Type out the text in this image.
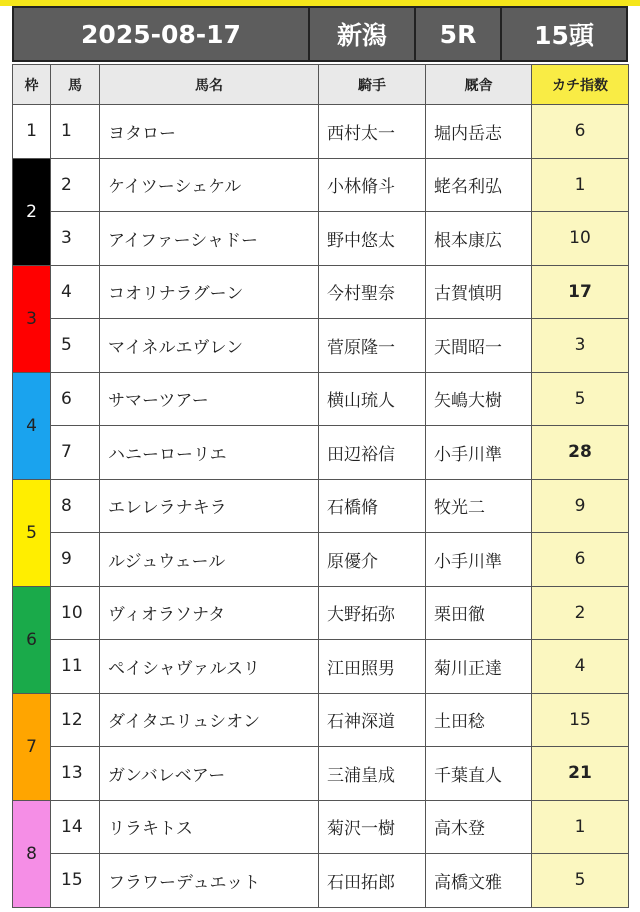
2025-08-17	新潟	5R	15頭
枠	馬	馬名	騎手	厩舎	カチ指数
1	1	ヨタロー	西村太一	堀内岳志	6
2	2	ケイツーシェケル	小林脩斗	蛯名利弘	1
	3	アイファーシャドー	野中悠太	根本康広	10
3	4	コオリナラグーン	今村聖奈	古賀慎明	17
	5	マイネルエヴレン	菅原隆一	天間昭一	3
4	6	サマーツアー	横山琉人	矢嶋大樹	5
	7	ハニーローリエ	田辺裕信	小手川準	28
5	8	エレレラナキラ	石橋脩	牧光二	9
	9	ルジュウェール	原優介	小手川準	6
6	10	ヴィオラソナタ	大野拓弥	栗田徹	2
	11	ペイシャヴァルスリ	江田照男	菊川正達	4
7	12	ダイタエリュシオン	石神深道	土田稔	15
	13	ガンバレベアー	三浦皇成	千葉直人	21
8	14	リラキトス	菊沢一樹	高木登	1
	15	フラワーデュエット	石田拓郎	高橋文雅	5
